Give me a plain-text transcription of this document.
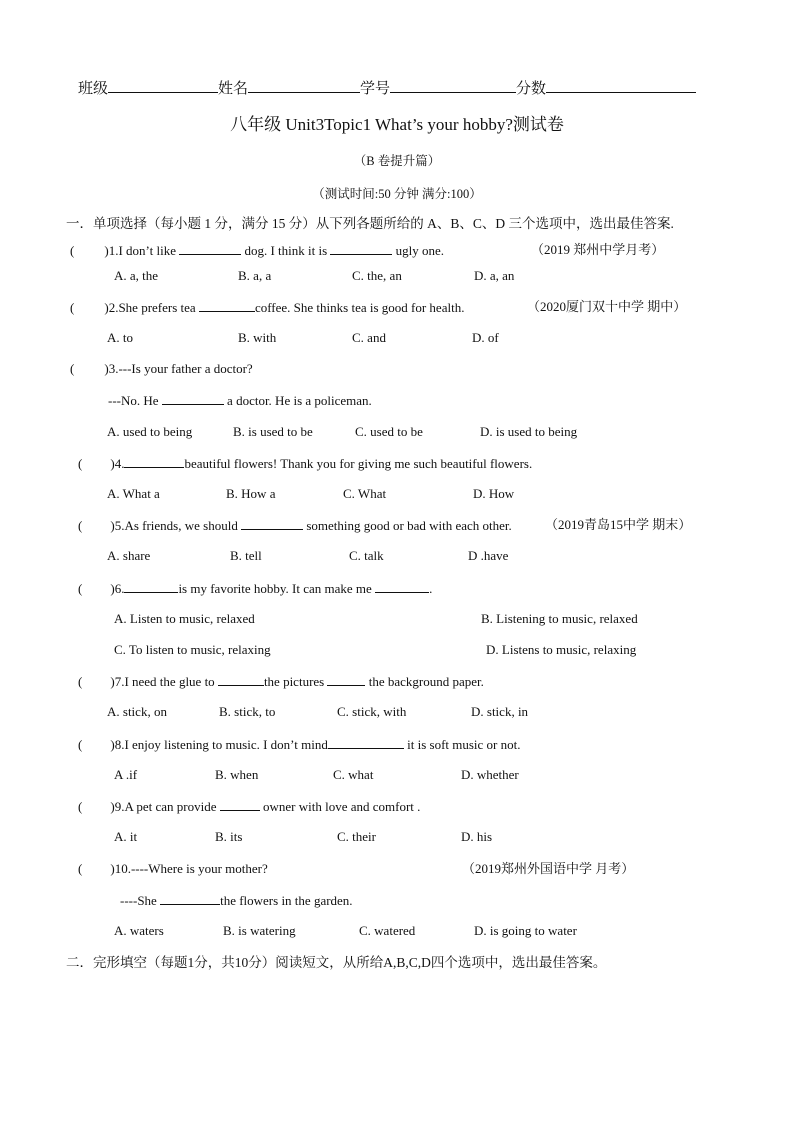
班级	姓名	学号	分数
八年级 Unit3Topic1 What’s your hobby?测试卷
（B 卷提升篇）
（测试时间:50 分钟 满分:100）
一．单项选择（每小题 1 分，满分 15 分）从下列各题所给的 A、B、C、D 三个选项中，选出最佳答案.
( )1.I don’t like	dog. I think it is	ugly one.	（2019 郑州中学月考）
A. a, the	B. a, a	C. the, an	D. a, an
( )2.She prefers tea	coffee. She thinks tea is good for health.	（2020厦门双十中学 期中）
A. to	B. with	C. and	D. of
( )3.---Is your father a doctor?
---No. He	a doctor. He is a policeman.
A. used to being	B. is used to be	C. used to be	D. is used to being
( )4.	beautiful flowers! Thank you for giving me such beautiful flowers.
A. What a	B. How a	C. What	D. How
( )5.As friends, we should	something good or bad with each other.	（2019青岛15中学 期末）
A. share	B. tell	C. talk	D .have
( )6.	is my favorite hobby. It can make me	.
A. Listen to music, relaxed	B. Listening to music, relaxed
C. To listen to music, relaxing	D. Listens to music, relaxing
( )7.I need the glue to	the pictures	the background paper.
A. stick, on	B. stick, to	C. stick, with	D. stick, in
( )8.I enjoy listening to music. I don’t mind	it is soft music or not.
A .if	B. when	C. what	D. whether
( )9.A pet can provide	owner with love and comfort .
A. it	B. its	C. their	D. his
( )10.----Where is your mother?	（2019郑州外国语中学 月考）
----She	the flowers in the garden.
A. waters	B. is watering	C. watered	D. is going to water
二．完形填空（每题1分，共10分）阅读短文，从所给A,B,C,D四个选项中，选出最佳答案。
